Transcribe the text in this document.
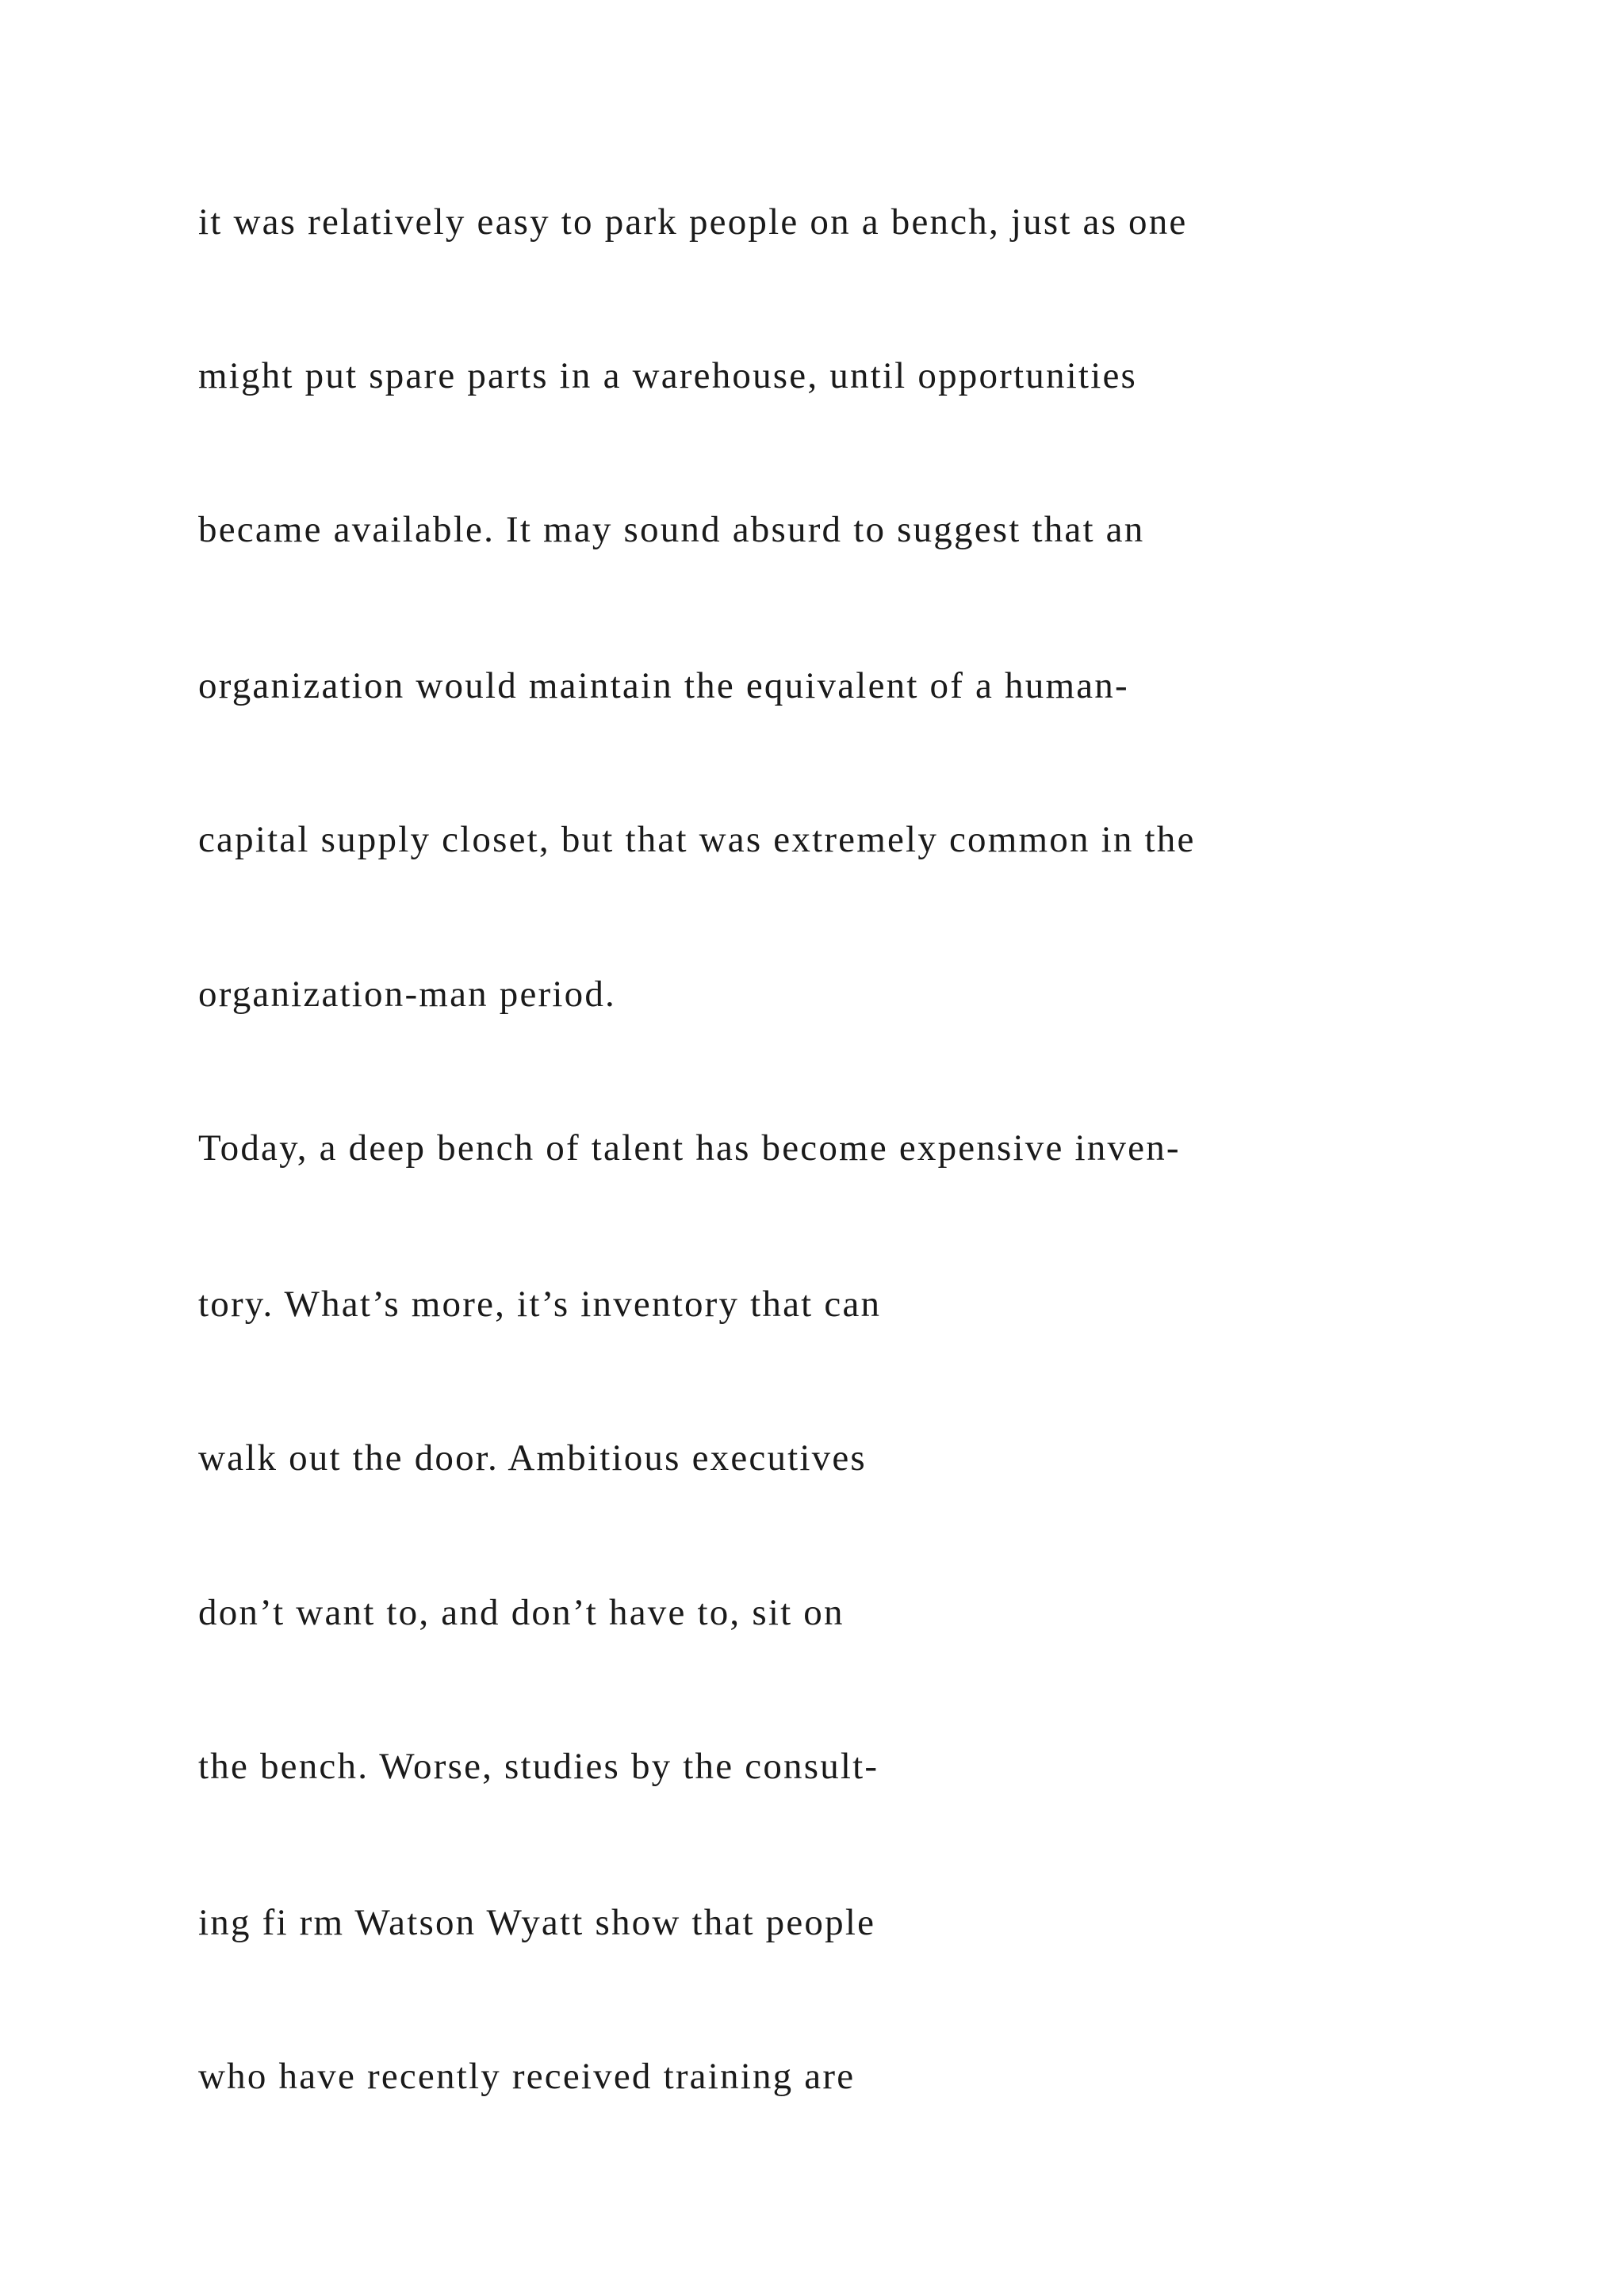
it was relatively easy to park people on a bench, just as one

might put spare parts in a warehouse, until opportunities

became available. It may sound absurd to suggest that an

organization would maintain the equivalent of a human-

capital supply closet, but that was extremely common in the

organization-man period.

Today, a deep bench of talent has become expensive inven-

tory. What’s more, it’s inventory that can

walk out the door. Ambitious executives

don’t want to, and don’t have to, sit on

the bench. Worse, studies by the consult-

ing fi rm Watson Wyatt show that people

who have recently received training are
